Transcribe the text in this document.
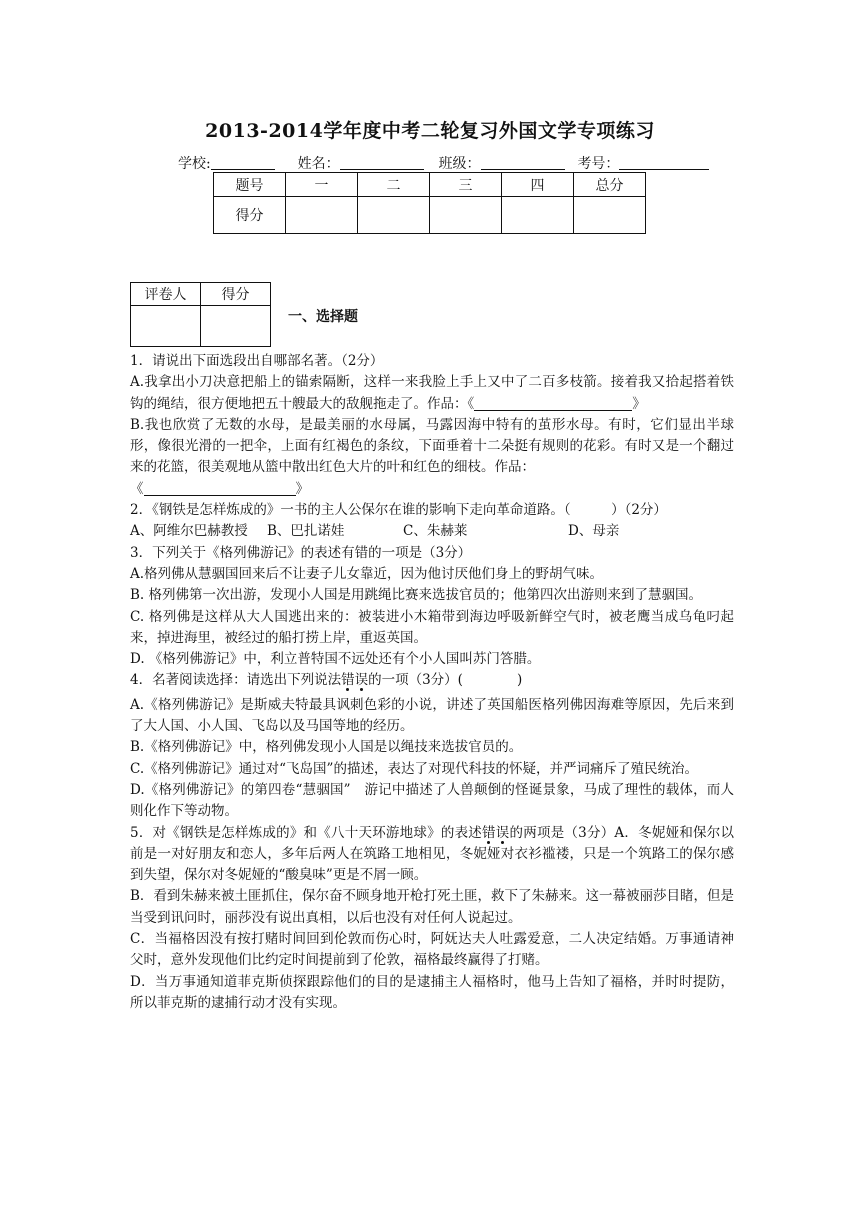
2013-2014学年度中考二轮复习外国文学专项练习
学校:	姓名：	班级：	考号：
题号	一	二	三	四	总分
得分					
评卷人	得分

一、选择题

1．请说出下面选段出自哪部名著。（2分）

A.我拿出小刀决意把船上的锚索隔断，这样一来我脸上手上又中了二百多枝箭。接着我又拾起搭着铁钩的绳结，很方便地把五十艘最大的敌舰拖走了。作品：《	》

B.我也欣赏了无数的水母，是最美丽的水母属，马露因海中特有的茧形水母。有时，它们显出半球形，像很光滑的一把伞，上面有红褐色的条纹，下面垂着十二朵挺有规则的花彩。有时又是一个翻过来的花篮，很美观地从篮中散出红色大片的叶和红色的细枝。作品：
《	》

2．《钢铁是怎样炼成的》一书的主人公保尔在谁的影响下走向革命道路。（　　　）（2分）

A、阿维尔巴赫教授 B、巴扎诺娃	C、朱赫莱	D、母亲

3．下列关于《格列佛游记》的表述有错的一项是（3分）

A.格列佛从慧骃国回来后不让妻子儿女靠近，因为他讨厌他们身上的野胡气味。

B. 格列佛第一次出游，发现小人国是用跳绳比赛来选拔官员的；他第四次出游则来到了慧骃国。

C. 格列佛是这样从大人国逃出来的：被装进小木箱带到海边呼吸新鲜空气时，被老鹰当成乌龟叼起来，掉进海里，被经过的船打捞上岸，重返英国。

D. 《格列佛游记》中，利立普特国不远处还有个小人国叫苏门答腊。

4．名著阅读选择：请选出下列说法错误的一项（3分）(　　　　)

A.《格列佛游记》是斯威夫特最具讽刺色彩的小说，讲述了英国船医格列佛因海难等原因，先后来到了大人国、小人国、飞岛以及马国等地的经历。

B.《格列佛游记》中，格列佛发现小人国是以绳技来选拔官员的。

C.《格列佛游记》通过对“飞岛国”的描述，表达了对现代科技的怀疑，并严词痛斥了殖民统治。

D.《格列佛游记》的第四卷“慧骃国”　游记中描述了人兽颠倒的怪诞景象，马成了理性的载体，而人则化作下等动物。

5．对《钢铁是怎样炼成的》和《八十天环游地球》的表述错误的两项是（3分）A．冬妮娅和保尔以前是一对好朋友和恋人，多年后两人在筑路工地相见，冬妮娅对衣衫褴褛，只是一个筑路工的保尔感到失望，保尔对冬妮娅的“酸臭味”更是不屑一顾。

B．看到朱赫来被土匪抓住，保尔奋不顾身地开枪打死土匪，救下了朱赫来。这一幕被丽莎目睹，但是当受到讯问时，丽莎没有说出真相，以后也没有对任何人说起过。

C．当福格因没有按打赌时间回到伦敦而伤心时，阿妩达夫人吐露爱意，二人决定结婚。万事通请神父时，意外发现他们比约定时间提前到了伦敦，福格最终赢得了打赌。

D．当万事通知道菲克斯侦探跟踪他们的目的是逮捕主人福格时，他马上告知了福格，并时时提防，所以菲克斯的逮捕行动才没有实现。
